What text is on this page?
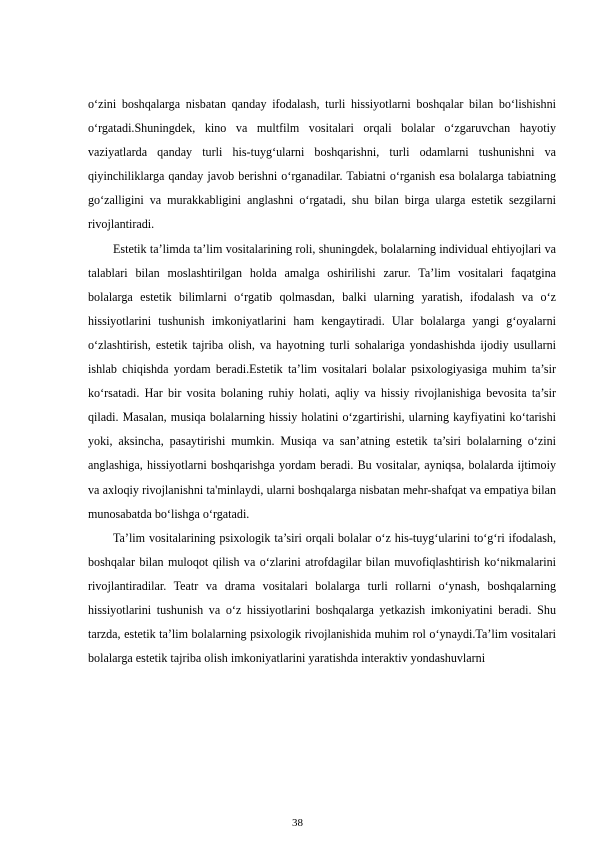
o‘zini boshqalarga nisbatan qanday ifodalash, turli hissiyotlarni boshqalar bilan bo‘lishishni o‘rgatadi.Shuningdek, kino va multfilm vositalari orqali bolalar o‘zgaruvchan hayotiy vaziyatlarda qanday turli his-tuyg‘ularni boshqarishni, turli odamlarni tushunishni va qiyinchiliklarga qanday javob berishni o‘rganadilar. Tabiatni o‘rganish esa bolalarga tabiatning go‘zalligini va murakkabligini anglashni o‘rgatadi, shu bilan birga ularga estetik sezgilarni rivojlantiradi.

Estetik ta’limda ta’lim vositalarining roli, shuningdek, bolalarning individual ehtiyojlari va talablari bilan moslashtirilgan holda amalga oshirilishi zarur. Ta’lim vositalari faqatgina bolalarga estetik bilimlarni o‘rgatib qolmasdan, balki ularning yaratish, ifodalash va o‘z hissiyotlarini tushunish imkoniyatlarini ham kengaytiradi. Ular bolalarga yangi g‘oyalarni o‘zlashtirish, estetik tajriba olish, va hayotning turli sohalariga yondashishda ijodiy usullarni ishlab chiqishda yordam beradi.Estetik ta’lim vositalari bolalar psixologiyasiga muhim ta’sir ko‘rsatadi. Har bir vosita bolaning ruhiy holati, aqliy va hissiy rivojlanishiga bevosita ta’sir qiladi. Masalan, musiqa bolalarning hissiy holatini o‘zgartirishi, ularning kayfiyatini ko‘tarishi yoki, aksincha, pasaytirishi mumkin. Musiqa va san’atning estetik ta’siri bolalarning o‘zini anglashiga, hissiyotlarni boshqarishga yordam beradi. Bu vositalar, ayniqsa, bolalarda ijtimoiy va axloqiy rivojlanishni ta'minlaydi, ularni boshqalarga nisbatan mehr-shafqat va empatiya bilan munosabatda bo‘lishga o‘rgatadi.

Ta’lim vositalarining psixologik ta’siri orqali bolalar o‘z his-tuyg‘ularini to‘g‘ri ifodalash, boshqalar bilan muloqot qilish va o‘zlarini atrofdagilar bilan muvofiqlashtirish ko‘nikmalarini rivojlantiradilar. Teatr va drama vositalari bolalarga turli rollarni o‘ynash, boshqalarning hissiyotlarini tushunish va o‘z hissiyotlarini boshqalarga yetkazish imkoniyatini beradi. Shu tarzda, estetik ta’lim bolalarning psixologik rivojlanishida muhim rol o‘ynaydi.Ta’lim vositalari bolalarga estetik tajriba olish imkoniyatlarini yaratishda interaktiv yondashuvlarni

38
